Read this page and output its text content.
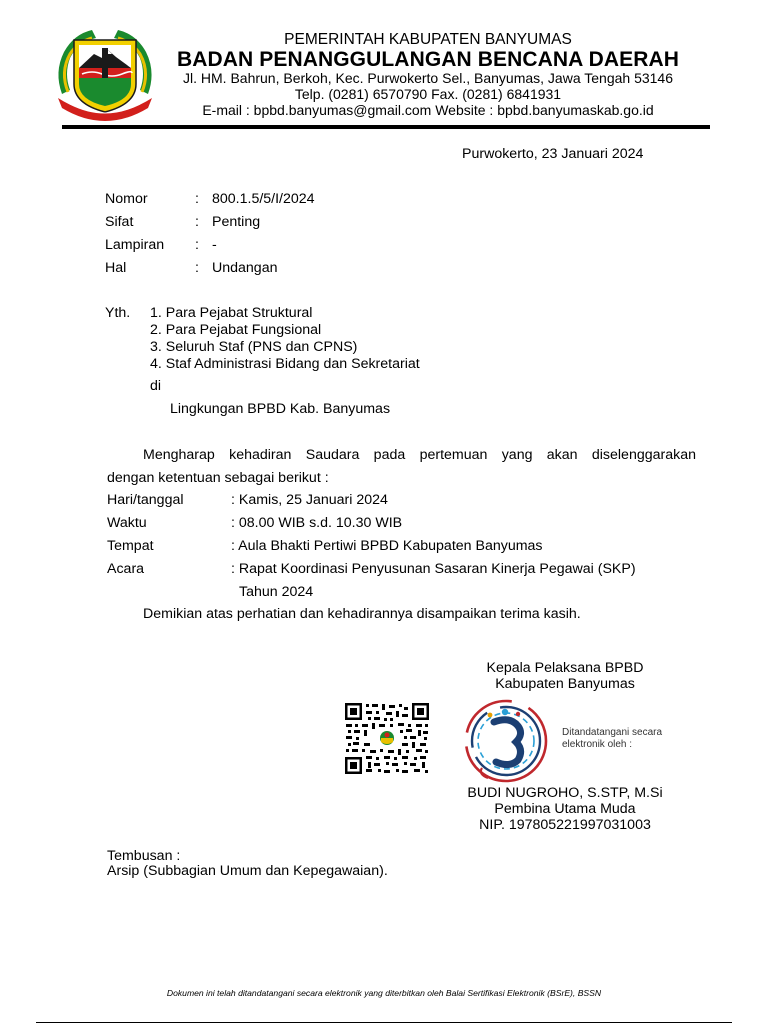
PEMERINTAH KABUPATEN BANYUMAS
BADAN PENANGGULANGAN BENCANA DAERAH
Jl. HM. Bahrun, Berkoh, Kec. Purwokerto Sel., Banyumas, Jawa Tengah 53146
Telp. (0281) 6570790 Fax. (0281) 6841931
E-mail : bpbd.banyumas@gmail.com Website : bpbd.banyumaskab.go.id
Purwokerto, 23 Januari 2024
Nomor	: 800.1.5/5/I/2024
Sifat	: Penting
Lampiran : -
Hal	: Undangan
Yth. 1. Para Pejabat Struktural
2. Para Pejabat Fungsional
3. Seluruh Staf (PNS dan CPNS)
4. Staf Administrasi Bidang dan Sekretariat
di
Lingkungan BPBD Kab. Banyumas
Mengharap kehadiran Saudara pada pertemuan yang akan diselenggarakan
dengan ketentuan sebagai berikut :
Hari/tanggal	: Kamis, 25 Januari 2024
Waktu	: 08.00 WIB s.d. 10.30 WIB
Tempat	: Aula Bhakti Pertiwi BPBD Kabupaten Banyumas
Acara	: Rapat Koordinasi Penyusunan Sasaran Kinerja Pegawai (SKP)
Tahun 2024
Demikian atas perhatian dan kehadirannya disampaikan terima kasih.
Kepala Pelaksana BPBD
Kabupaten Banyumas
Ditandatangani secara
elektronik oleh :
BUDI NUGROHO, S.STP, M.Si
Pembina Utama Muda
NIP. 197805221997031003
Tembusan :
Arsip (Subbagian Umum dan Kepegawaian).
Dokumen ini telah ditandatangani secara elektronik yang diterbitkan oleh Balai Sertifikasi Elektronik (BSrE), BSSN
